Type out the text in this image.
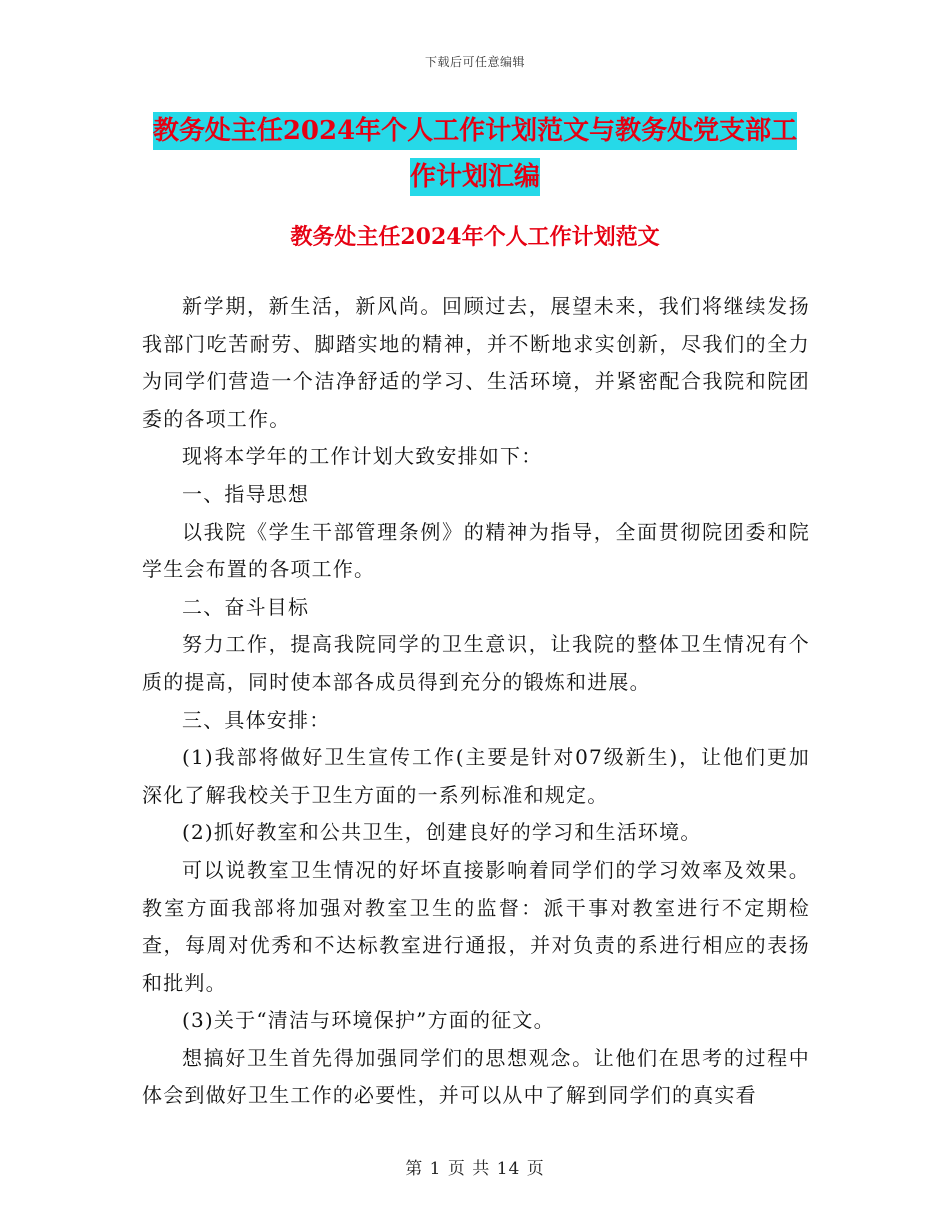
下载后可任意编辑
教务处主任2024年个人工作计划范文与教务处党支部工作计划汇编
教务处主任2024年个人工作计划范文

新学期，新生活，新风尚。回顾过去，展望未来，我们将继续发扬我部门吃苦耐劳、脚踏实地的精神，并不断地求实创新，尽我们的全力为同学们营造一个洁净舒适的学习、生活环境，并紧密配合我院和院团委的各项工作。

现将本学年的工作计划大致安排如下：

一、指导思想

以我院《学生干部管理条例》的精神为指导，全面贯彻院团委和院学生会布置的各项工作。

二、奋斗目标

努力工作，提高我院同学的卫生意识，让我院的整体卫生情况有个质的提高，同时使本部各成员得到充分的锻炼和进展。

三、具体安排：

(1)我部将做好卫生宣传工作(主要是针对07级新生)，让他们更加深化了解我校关于卫生方面的一系列标准和规定。

(2)抓好教室和公共卫生，创建良好的学习和生活环境。

可以说教室卫生情况的好坏直接影响着同学们的学习效率及效果。教室方面我部将加强对教室卫生的监督：派干事对教室进行不定期检查，每周对优秀和不达标教室进行通报，并对负责的系进行相应的表扬和批判。

(3)关于“清洁与环境保护”方面的征文。

想搞好卫生首先得加强同学们的思想观念。让他们在思考的过程中体会到做好卫生工作的必要性，并可以从中了解到同学们的真实看

第 1 页 共 14 页
